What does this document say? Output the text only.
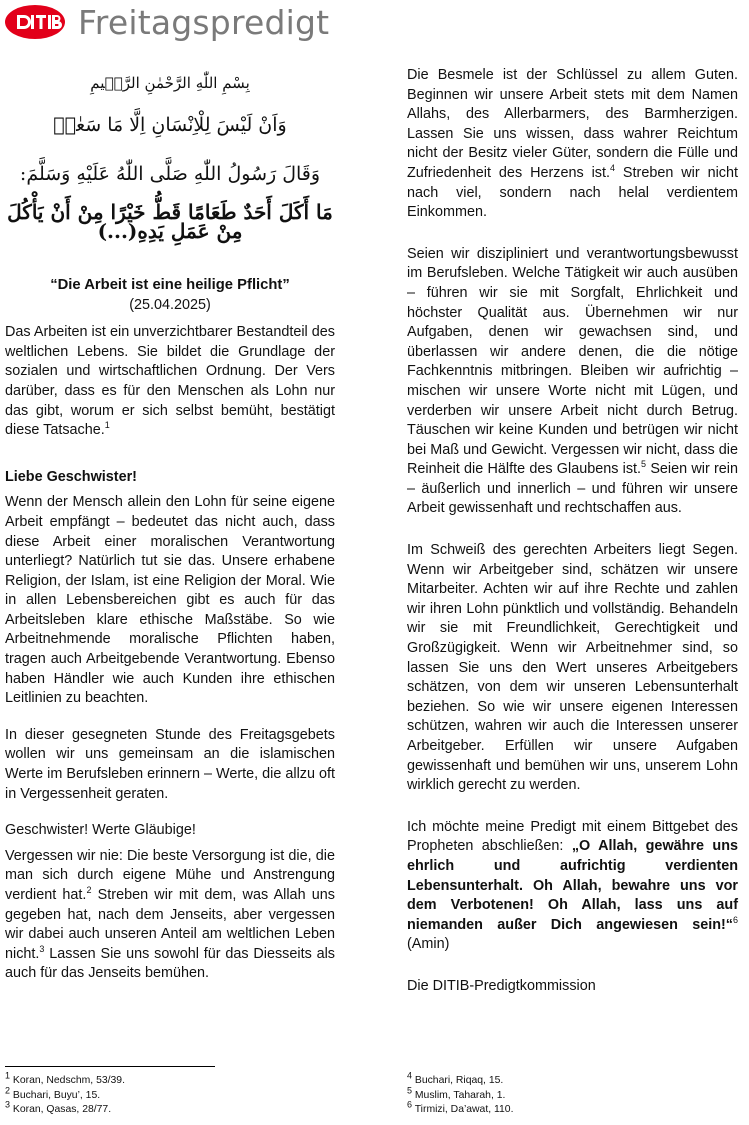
Freitagspredigt
بِسْمِ اللّٰهِ الرَّحْمٰنِ الرَّح۪يمِ
وَاَنْ لَيْسَ لِلْاِنْسَانِ اِلَّا مَا سَعٰىۙ
وَقَالَ رَسُولُ اللّٰهِ صَلَّى اللّٰهُ عَلَيْهِ وَسَلَّمَ:
مَا أَكَلَ أَحَدٌ طَعَامًا قَطُّ خَيْرًا مِنْ أَنْ يَأْكُلَ مِنْ عَمَلِ يَدِهِ(...)
“Die Arbeit ist eine heilige Pflicht”
(25.04.2025)

Das Arbeiten ist ein unverzichtbarer Bestandteil des weltlichen Lebens. Sie bildet die Grundlage der sozialen und wirtschaftlichen Ordnung. Der Vers darüber, dass es für den Menschen als Lohn nur das gibt, worum er sich selbst bemüht, bestätigt diese Tatsache.$^1$

Liebe Geschwister!

Wenn der Mensch allein den Lohn für seine eigene Arbeit empfängt – bedeutet das nicht auch, dass diese Arbeit einer moralischen Verantwortung unterliegt? Natürlich tut sie das. Unsere erhabene Religion, der Islam, ist eine Religion der Moral. Wie in allen Lebensbereichen gibt es auch für das Arbeitsleben klare ethische Maßstäbe. So wie Arbeitnehmende moralische Pflichten haben, tragen auch Arbeitgebende Verantwortung. Ebenso haben Händler wie auch Kunden ihre ethischen Leitlinien zu beachten.

In dieser gesegneten Stunde des Freitagsgebets wollen wir uns gemeinsam an die islamischen Werte im Berufsleben erinnern – Werte, die allzu oft in Vergessenheit geraten.

Geschwister! Werte Gläubige!

Vergessen wir nie: Die beste Versorgung ist die, die man sich durch eigene Mühe und Anstrengung verdient hat.$^2$ Streben wir mit dem, was Allah uns gegeben hat, nach dem Jenseits, aber vergessen wir dabei auch unseren Anteil am weltlichen Leben nicht.$^3$ Lassen Sie uns sowohl für das Diesseits als auch für das Jenseits bemühen.

Die Besmele ist der Schlüssel zu allem Guten. Beginnen wir unsere Arbeit stets mit dem Namen Allahs, des Allerbarmers, des Barmherzigen. Lassen Sie uns wissen, dass wahrer Reichtum nicht der Besitz vieler Güter, sondern die Fülle und Zufriedenheit des Herzens ist.$^4$ Streben wir nicht nach viel, sondern nach helal verdientem Einkommen.

Seien wir diszipliniert und verantwortungsbewusst im Berufsleben. Welche Tätigkeit wir auch ausüben – führen wir sie mit Sorgfalt, Ehrlichkeit und höchster Qualität aus. Übernehmen wir nur Aufgaben, denen wir gewachsen sind, und überlassen wir andere denen, die die nötige Fachkenntnis mitbringen. Bleiben wir aufrichtig – mischen wir unsere Worte nicht mit Lügen, und verderben wir unsere Arbeit nicht durch Betrug. Täuschen wir keine Kunden und betrügen wir nicht bei Maß und Gewicht. Vergessen wir nicht, dass die Reinheit die Hälfte des Glaubens ist.$^5$ Seien wir rein – äußerlich und innerlich – und führen wir unsere Arbeit gewissenhaft und rechtschaffen aus.

Im Schweiß des gerechten Arbeiters liegt Segen. Wenn wir Arbeitgeber sind, schätzen wir unsere Mitarbeiter. Achten wir auf ihre Rechte und zahlen wir ihren Lohn pünktlich und vollständig. Behandeln wir sie mit Freundlichkeit, Gerechtigkeit und Großzügigkeit. Wenn wir Arbeitnehmer sind, so lassen Sie uns den Wert unseres Arbeitgebers schätzen, von dem wir unseren Lebensunterhalt beziehen. So wie wir unsere eigenen Interessen schützen, wahren wir auch die Interessen unserer Arbeitgeber. Erfüllen wir unsere Aufgaben gewissenhaft und bemühen wir uns, unserem Lohn wirklich gerecht zu werden.

Ich möchte meine Predigt mit einem Bittgebet des Propheten abschließen: „O Allah, gewähre uns ehrlich und aufrichtig verdienten Lebensunterhalt. Oh Allah, bewahre uns vor dem Verbotenen! Oh Allah, lass uns auf niemanden außer Dich angewiesen sein!“$^6$ (Amin)

Die DITIB-Predigtkommission

$^1$ Koran, Nedschm, 53/39.
$^2$ Buchari, Buyu’, 15.
$^3$ Koran, Qasas, 28/77.
$^4$ Buchari, Riqaq, 15.
$^5$ Muslim, Taharah, 1.
$^6$ Tirmizi, Da’awat, 110.
